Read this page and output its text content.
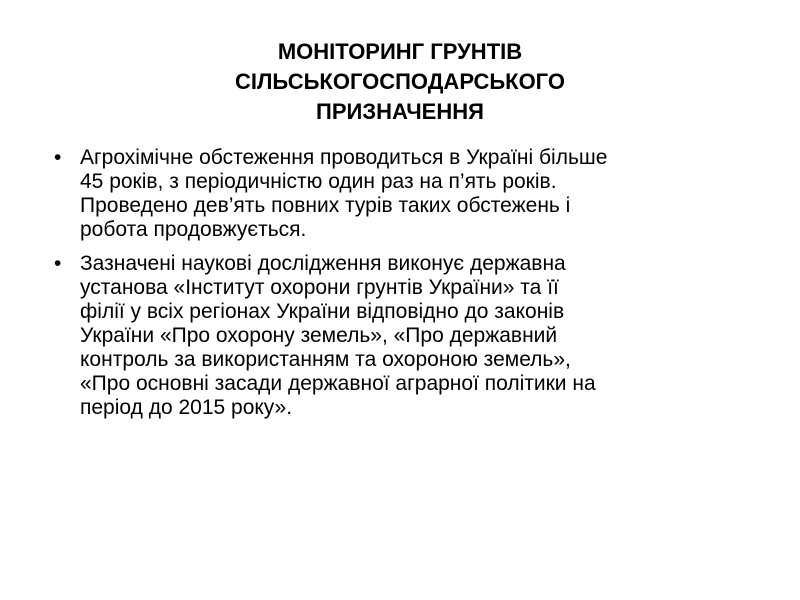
МОНІТОРИНГ ГРУНТІВ
СІЛЬСЬКОГОСПОДАРСЬКОГО
ПРИЗНАЧЕННЯ
• Агрохімічне обстеження проводиться в Україні більше
45 років, з періодичністю один раз на п’ять років.
Проведено дев’ять повних турів таких обстежень і
робота продовжується.
• Зазначені наукові дослідження виконує державна
установа «Інститут охорони грунтів України» та її
філії у всіх регіонах України відповідно до законів
України «Про охорону земель», «Про державний
контроль за використанням та охороною земель»,
«Про основні засади державної аграрної політики на
період до 2015 року».
